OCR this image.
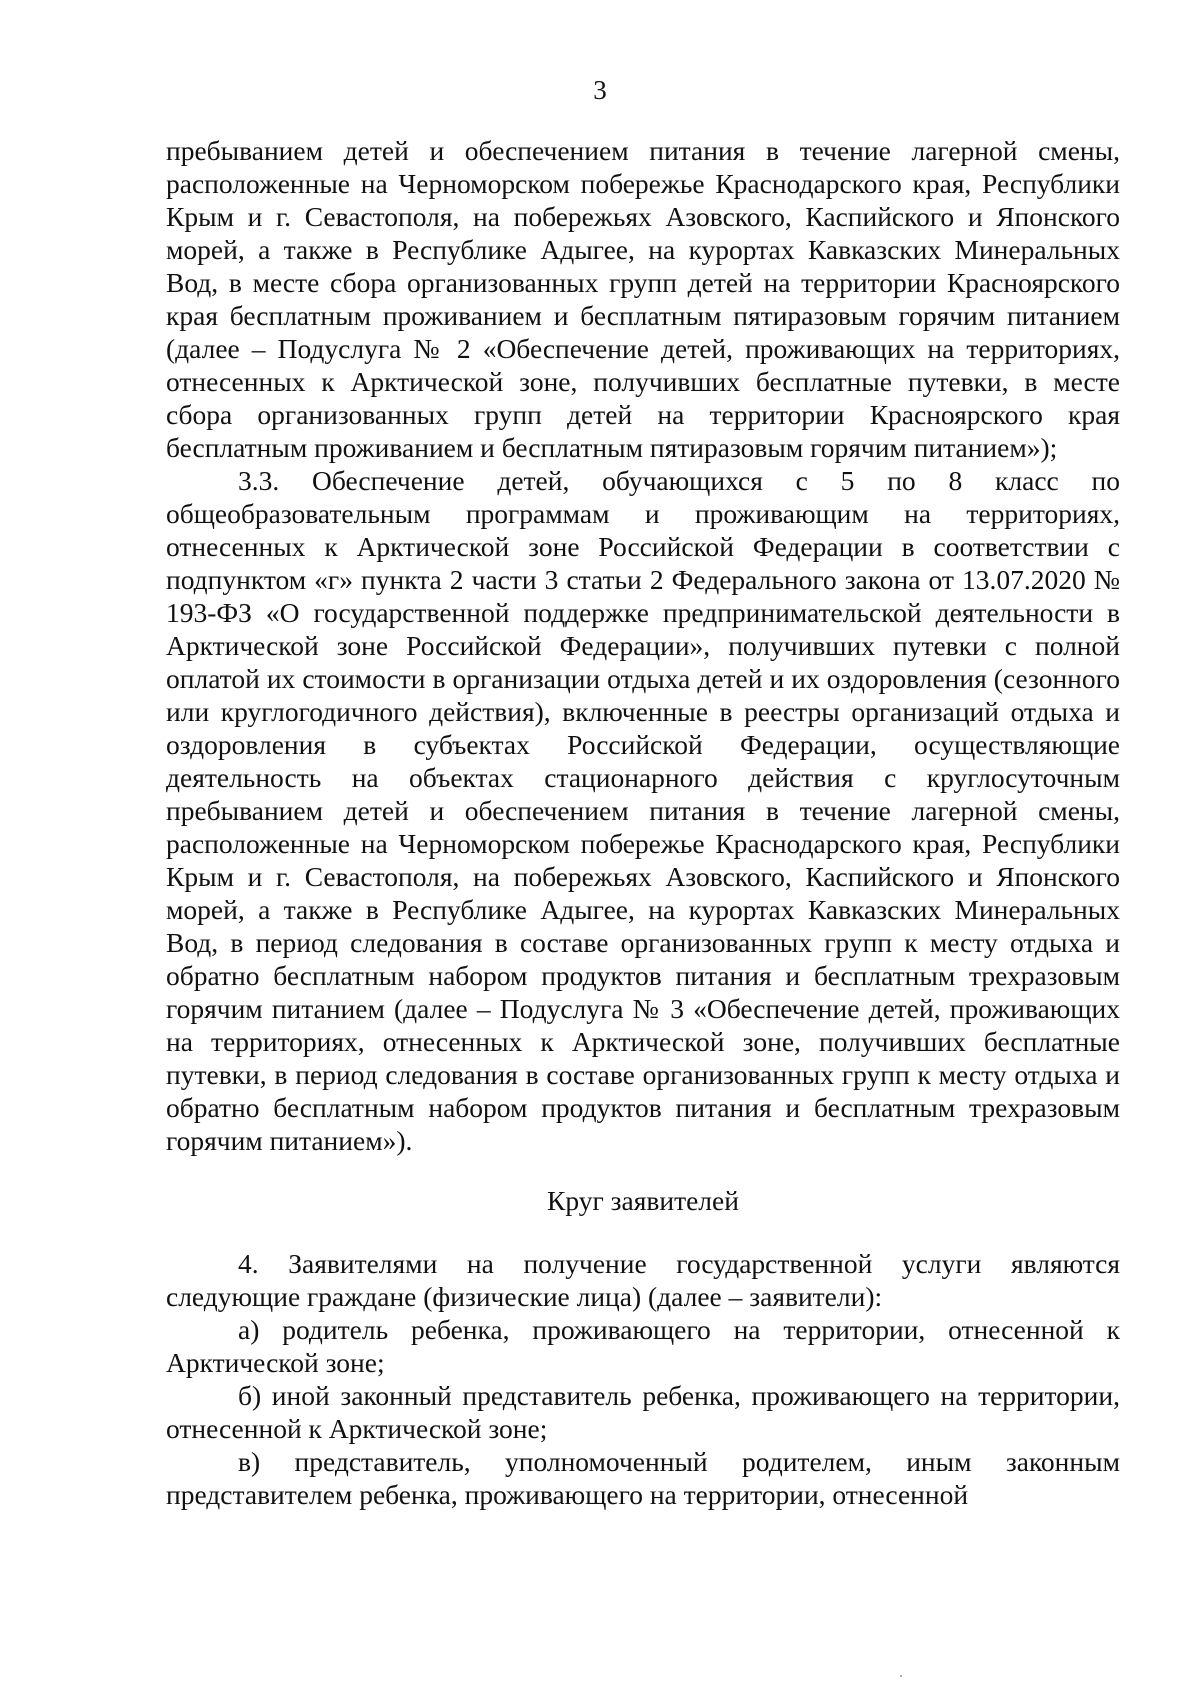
3

пребыванием детей и обеспечением питания в течение лагерной смены, расположенные на Черноморском побережье Краснодарского края, Республики Крым и г. Севастополя, на побережьях Азовского, Каспийского и Японского морей, а также в Республике Адыгее, на курортах Кавказских Минеральных Вод, в месте сбора организованных групп детей на территории Красноярского края бесплатным проживанием и бесплатным пятиразовым горячим питанием (далее – Подуслуга № 2 «Обеспечение детей, проживающих на территориях, отнесенных к Арктической зоне, получивших бесплатные путевки, в месте сбора организованных групп детей на территории Красноярского края бесплатным проживанием и бесплатным пятиразовым горячим питанием»);

3.3. Обеспечение детей, обучающихся с 5 по 8 класс по общеобразовательным программам и проживающим на территориях, отнесенных к Арктической зоне Российской Федерации в соответствии с подпунктом «г» пункта 2 части 3 статьи 2 Федерального закона от 13.07.2020 № 193-ФЗ «О государственной поддержке предпринимательской деятельности в Арктической зоне Российской Федерации», получивших путевки с полной оплатой их стоимости в организации отдыха детей и их оздоровления (сезонного или круглогодичного действия), включенные в реестры организаций отдыха и оздоровления в субъектах Российской Федерации, осуществляющие деятельность на объектах стационарного действия с круглосуточным пребыванием детей и обеспечением питания в течение лагерной смены, расположенные на Черноморском побережье Краснодарского края, Республики Крым и г. Севастополя, на побережьях Азовского, Каспийского и Японского морей, а также в Республике Адыгее, на курортах Кавказских Минеральных Вод, в период следования в составе организованных групп к месту отдыха и обратно бесплатным набором продуктов питания и бесплатным трехразовым горячим питанием (далее – Подуслуга № 3 «Обеспечение детей, проживающих на территориях, отнесенных к Арктической зоне, получивших бесплатные путевки, в период следования в составе организованных групп к месту отдыха и обратно бесплатным набором продуктов питания и бесплатным трехразовым горячим питанием»).

Круг заявителей

4. Заявителями на получение государственной услуги являются следующие граждане (физические лица) (далее – заявители):

а) родитель ребенка, проживающего на территории, отнесенной к Арктической зоне;

б) иной законный представитель ребенка, проживающего на территории, отнесенной к Арктической зоне;

в) представитель, уполномоченный родителем, иным законным представителем ребенка, проживающего на территории, отнесенной
